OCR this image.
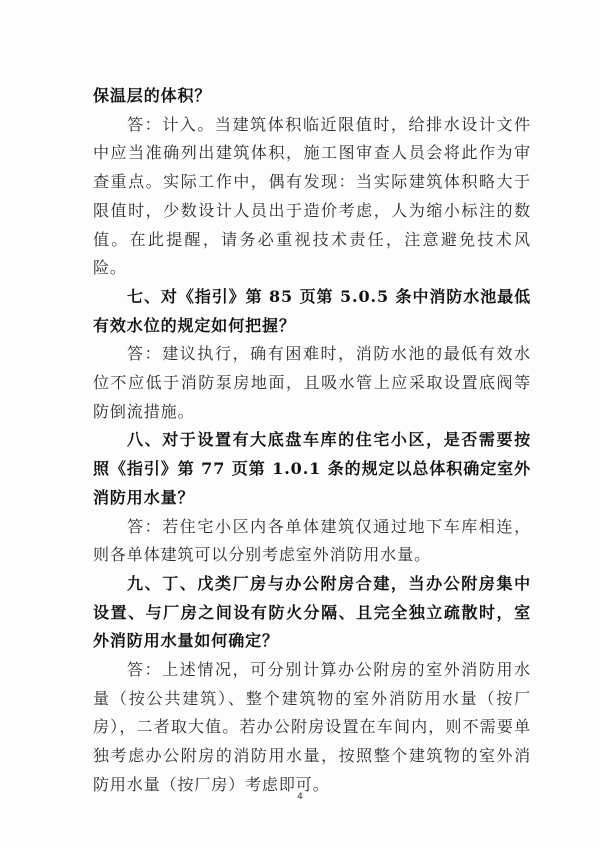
保温层的体积？

答：计入。当建筑体积临近限值时，给排水设计文件中应当准确列出建筑体积，施工图审查人员会将此作为审查重点。实际工作中，偶有发现：当实际建筑体积略大于限值时，少数设计人员出于造价考虑，人为缩小标注的数值。在此提醒，请务必重视技术责任，注意避免技术风险。

七、对《指引》第 85 页第 5.0.5 条中消防水池最低有效水位的规定如何把握？

答：建议执行，确有困难时，消防水池的最低有效水位不应低于消防泵房地面，且吸水管上应采取设置底阀等防倒流措施。

八、对于设置有大底盘车库的住宅小区，是否需要按照《指引》第 77 页第 1.0.1 条的规定以总体积确定室外消防用水量？

答：若住宅小区内各单体建筑仅通过地下车库相连，则各单体建筑可以分别考虑室外消防用水量。

九、丁、戊类厂房与办公附房合建，当办公附房集中设置、与厂房之间设有防火分隔、且完全独立疏散时，室外消防用水量如何确定？

答：上述情况，可分别计算办公附房的室外消防用水量（按公共建筑）、整个建筑物的室外消防用水量（按厂房），二者取大值。若办公附房设置在车间内，则不需要单独考虑办公附房的消防用水量，按照整个建筑物的室外消防用水量（按厂房）考虑即可。

4
